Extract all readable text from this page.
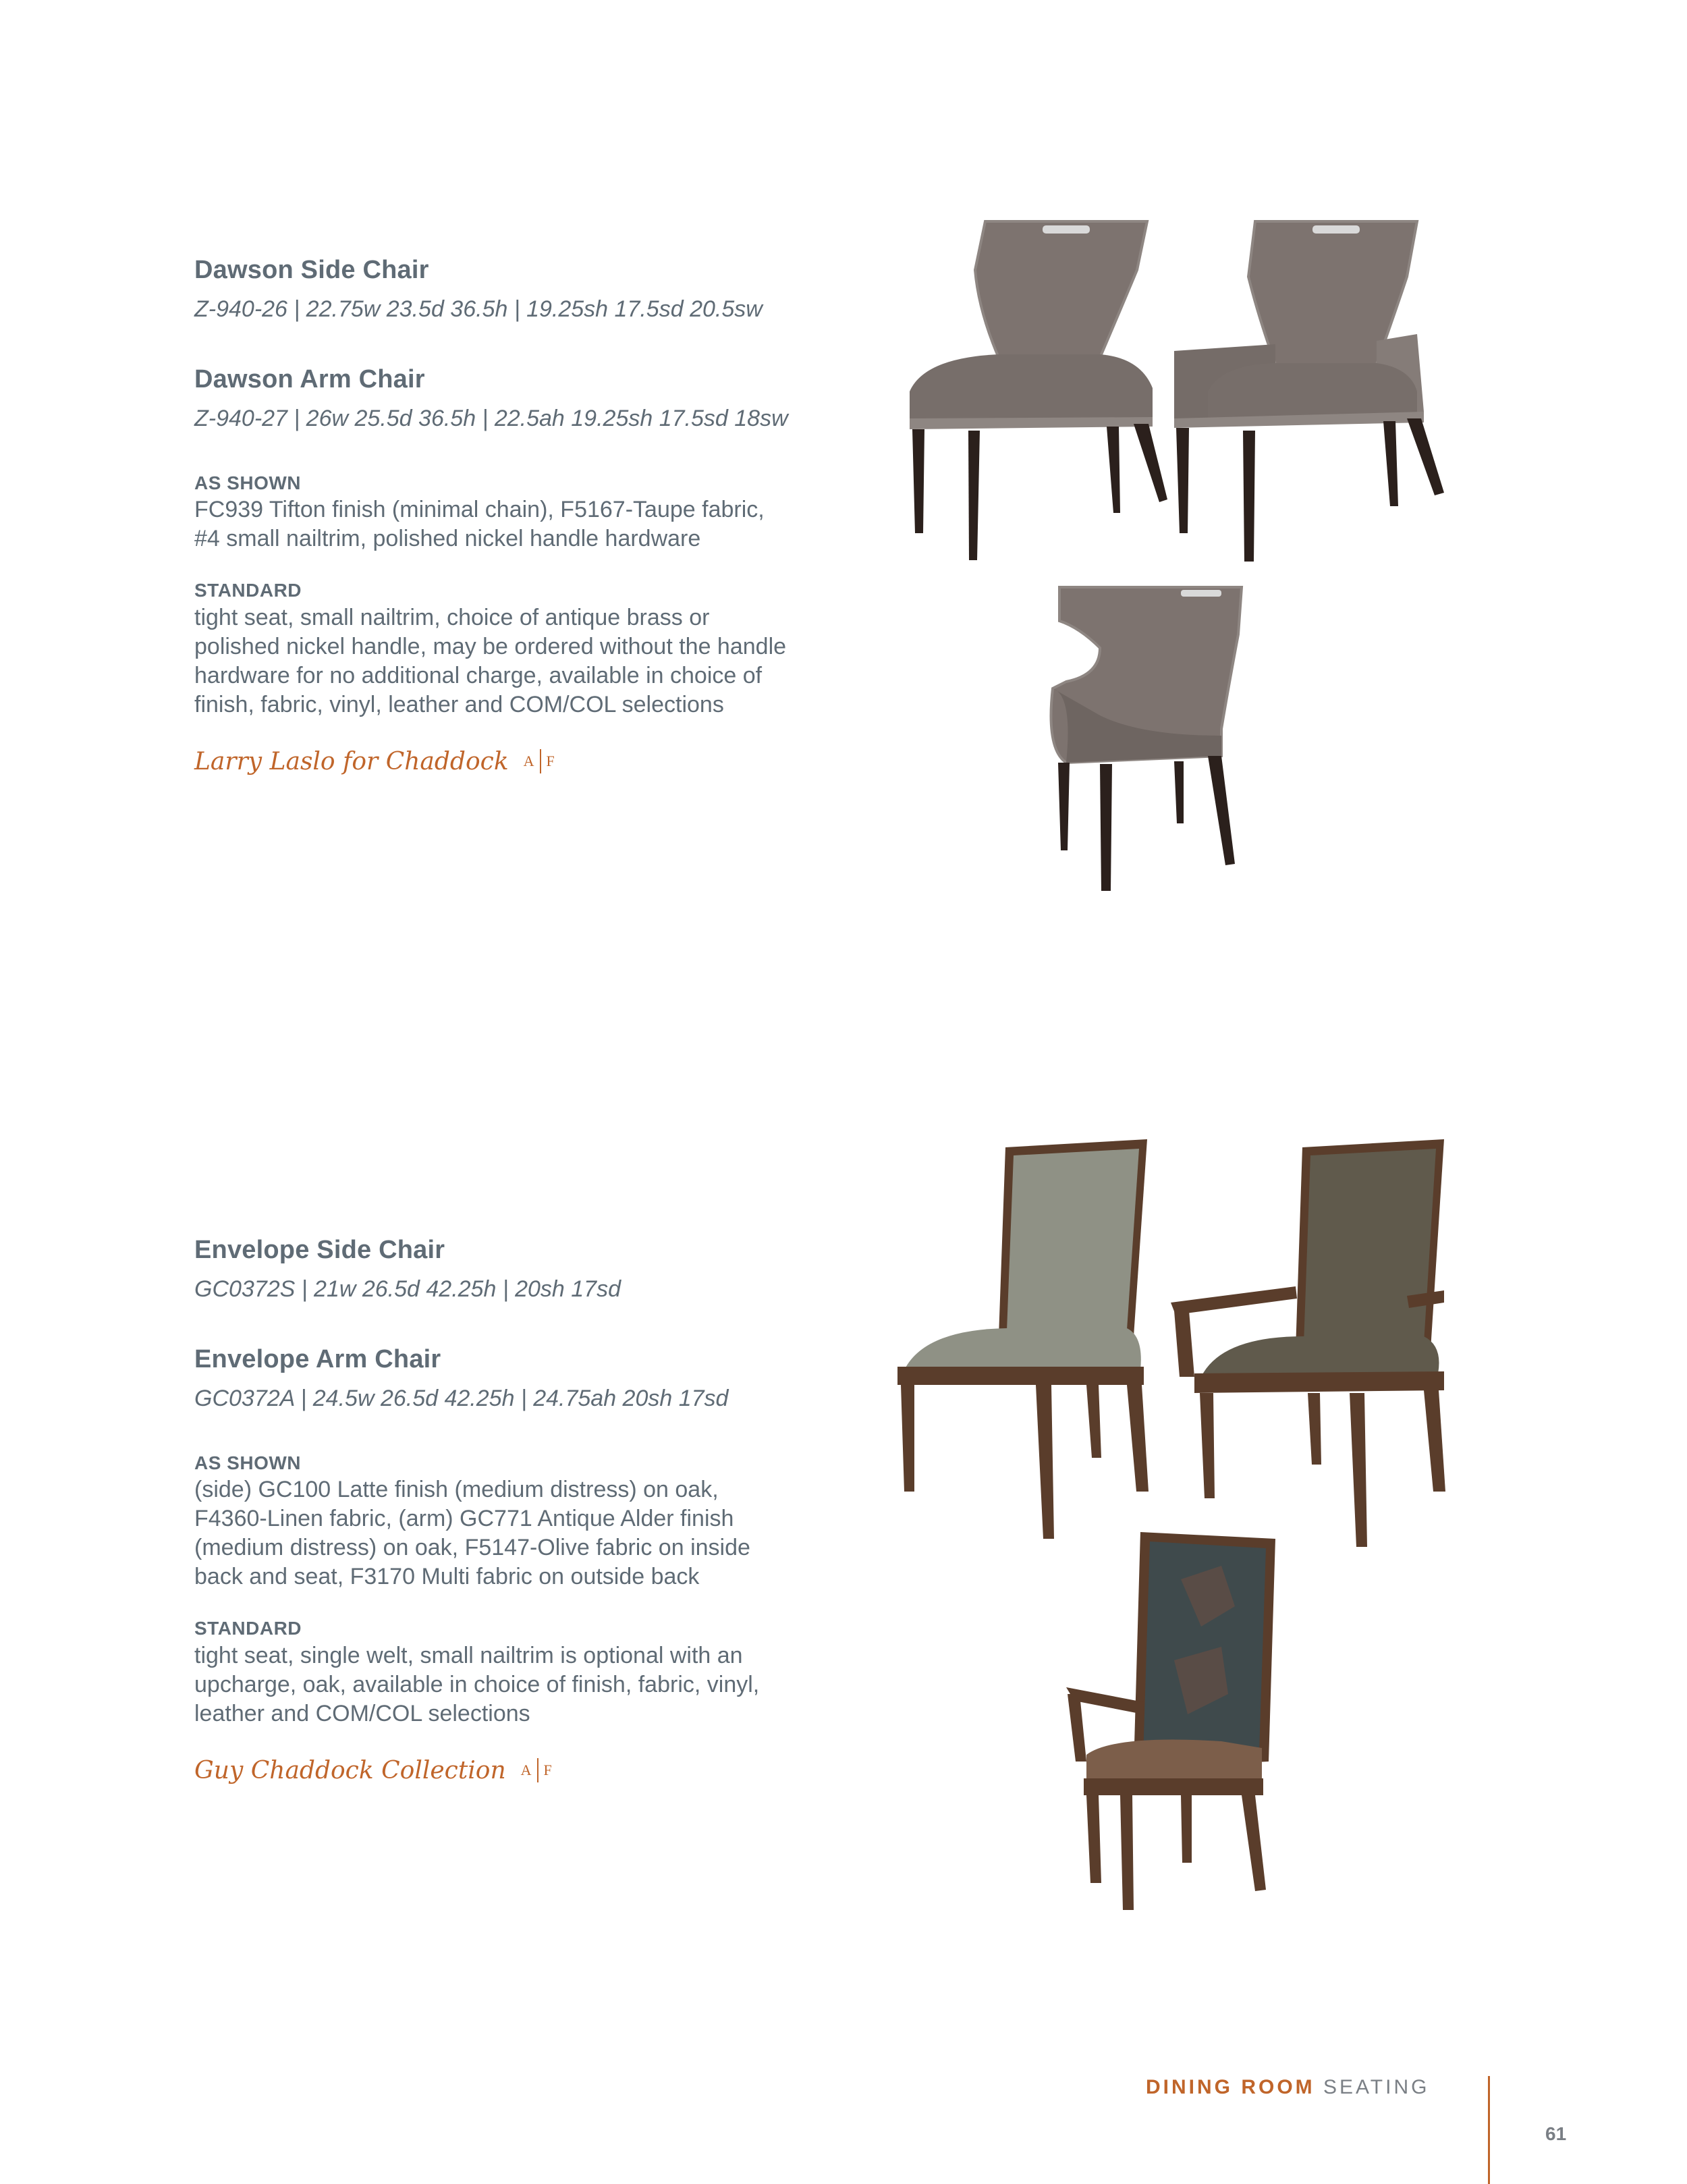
Dawson Side Chair

Z-940-26 | 22.75w 23.5d 36.5h | 19.25sh 17.5sd 20.5sw

Dawson Arm Chair

Z-940-27 | 26w 25.5d 36.5h | 22.5ah 19.25sh 17.5sd 18sw

AS SHOWN
FC939 Tifton finish (minimal chain), F5167-Taupe fabric,
#4 small nailtrim, polished nickel handle hardware
STANDARD
tight seat, small nailtrim, choice of antique brass or
polished nickel handle, may be ordered without the handle
hardware for no additional charge, available in choice of
finish, fabric, vinyl, leather and COM/COL selections
Larry Laslo for Chaddock A F
Envelope Side Chair

GC0372S | 21w 26.5d 42.25h | 20sh 17sd

Envelope Arm Chair

GC0372A | 24.5w 26.5d 42.25h | 24.75ah 20sh 17sd

AS SHOWN
(side) GC100 Latte finish (medium distress) on oak,
F4360-Linen fabric, (arm) GC771 Antique Alder finish
(medium distress) on oak, F5147-Olive fabric on inside
back and seat, F3170 Multi fabric on outside back
STANDARD
tight seat, single welt, small nailtrim is optional with an
upcharge, oak, available in choice of finish, fabric, vinyl,
leather and COM/COL selections
Guy Chaddock Collection A F
DINING ROOM SEATING
61
